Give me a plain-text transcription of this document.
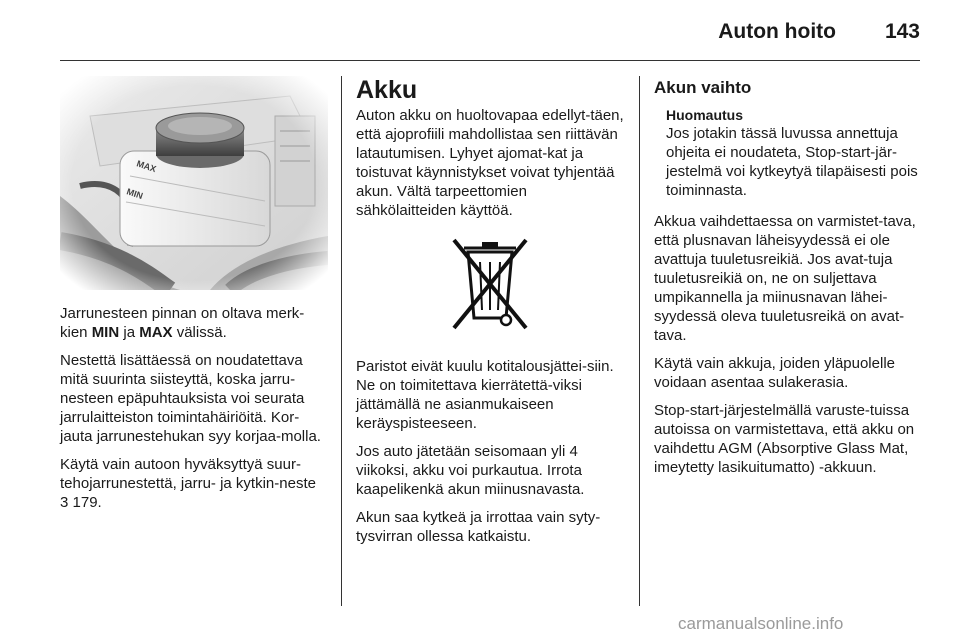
Auton hoito 143

Jarrunesteen pinnan on oltava merk-kien MIN ja MAX välissä.

Nestettä lisättäessä on noudatettava mitä suurinta siisteyttä, koska jarru-nesteen epäpuhtauksista voi seurata jarrulaitteiston toimintahäiriöitä. Kor-jauta jarrunestehukan syy korjaa-molla.

Käytä vain autoon hyväksyttyä suur-tehojarrunestettä, jarru- ja kytkin-neste 3 179.

Akku

Auton akku on huoltovapaa edellyt-täen, että ajoprofiili mahdollistaa sen riittävän latautumisen. Lyhyet ajomat-kat ja toistuvat käynnistykset voivat tyhjentää akun. Vältä tarpeettomien sähkölaitteiden käyttöä.

Paristot eivät kuulu kotitalousjättei-siin. Ne on toimitettava kierrätettä-viksi jättämällä ne asianmukaiseen keräyspisteeseen.

Jos auto jätetään seisomaan yli 4 viikoksi, akku voi purkautua. Irrota kaapelikenkä akun miinusnavasta.

Akun saa kytkeä ja irrottaa vain syty-tysvirran ollessa katkaistu.

Akun vaihto
Huomautus

Jos jotakin tässä luvussa annettuja ohjeita ei noudateta, Stop-start-jär-jestelmä voi kytkeytyä tilapäisesti pois toiminnasta.

Akkua vaihdettaessa on varmistet-tava, että plusnavan läheisyydessä ei ole avattuja tuuletusreikiä. Jos avat-tuja tuuletusreikiä on, ne on suljettava umpikannella ja miinusnavan lähei-syydessä oleva tuuletusreikä on avat-tava.

Käytä vain akkuja, joiden yläpuolelle voidaan asentaa sulakerasia.

Stop-start-järjestelmällä varuste-tuissa autoissa on varmistettava, että akku on vaihdettu AGM (Absorptive Glass Mat, imeytetty lasikuitumatto) -akkuun.

carmanualsonline.info
